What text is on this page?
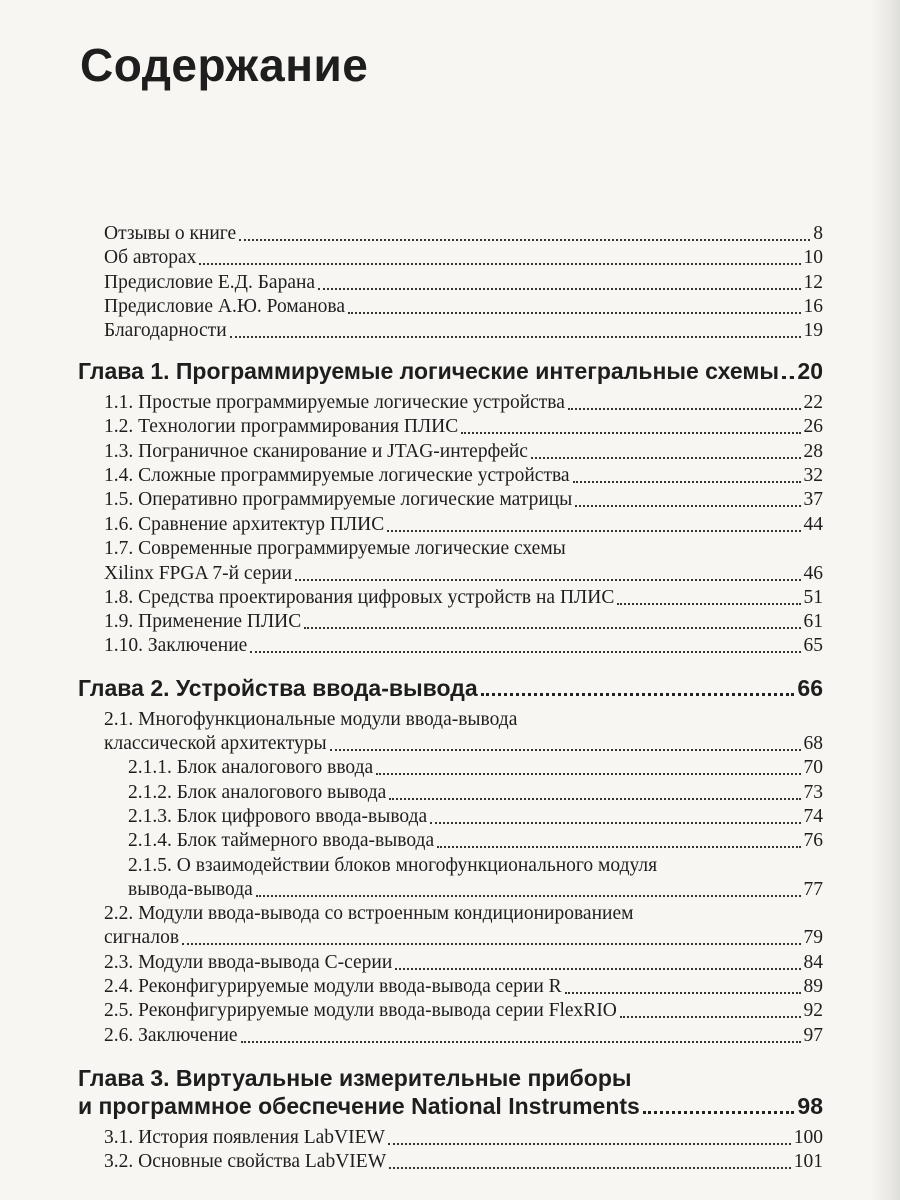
Содержание
Отзывы о книге	8
Об авторах	10
Предисловие Е.Д. Барана	12
Предисловие А.Ю. Романова	16
Благодарности	19
Глава 1. Программируемые логические интегральные схемы 20
1.1. Простые программируемые логические устройства	22
1.2. Технологии программирования ПЛИС	26
1.3. Пограничное сканирование и JTAG-интерфейс	28
1.4. Сложные программируемые логические устройства	32
1.5. Оперативно программируемые логические матрицы	37
1.6. Сравнение архитектур ПЛИС	44
1.7. Современные программируемые логические схемы
Xilinx FPGA 7-й серии	46
1.8. Средства проектирования цифровых устройств на ПЛИС	51
1.9. Применение ПЛИС	61
1.10. Заключение	65
Глава 2. Устройства ввода-вывода	66
2.1. Многофункциональные модули ввода-вывода
классической архитектуры	68
2.1.1. Блок аналогового ввода	70
2.1.2. Блок аналогового вывода	73
2.1.3. Блок цифрового ввода-вывода	74
2.1.4. Блок таймерного ввода-вывода	76
2.1.5. О взаимодействии блоков многофункционального модуля
вывода-вывода	77
2.2. Модули ввода-вывода со встроенным кондиционированием
сигналов	79
2.3. Модули ввода-вывода С-серии	84
2.4. Реконфигурируемые модули ввода-вывода серии R	89
2.5. Реконфигурируемые модули ввода-вывода серии FlexRIO	92
2.6. Заключение	97
Глава 3. Виртуальные измерительные приборы
и программное обеспечение National Instruments	98
3.1. История появления LabVIEW	100
3.2. Основные свойства LabVIEW	101
